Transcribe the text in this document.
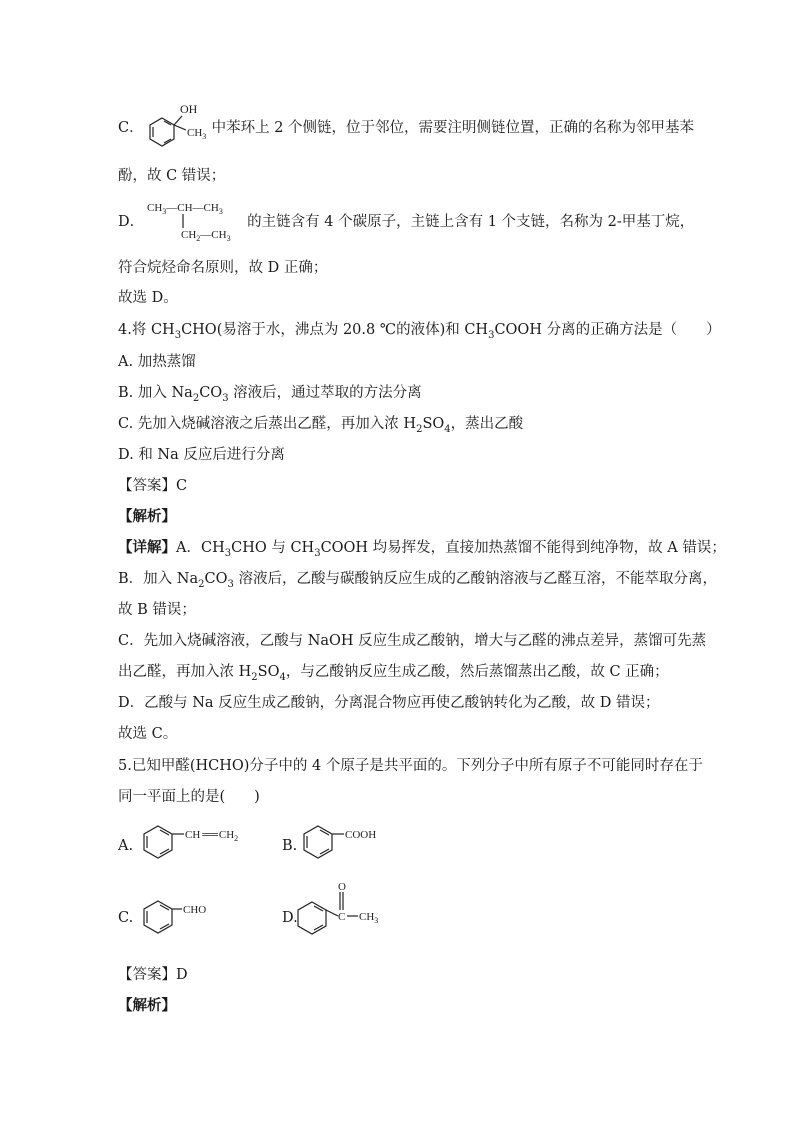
C．	中苯环上 2 个侧链，位于邻位，需要注明侧链位置，正确的名称为邻甲基苯
OH
$CH_3$
酚，故 C 错误；
D．	的主链含有 4 个碳原子，主链上含有 1 个支链，名称为 2-甲基丁烷，
$CH_3—CH—CH_3$
$CH_2—CH_3$
符合烷烃命名原则，故 D 正确；
故选 D。
4.将 $CH_3CHO$(易溶于水，沸点为 20.8 ℃的液体)和 $CH_3COOH$ 分离的正确方法是（　　）
A. 加热蒸馏
B. 加入 $Na_2CO_3$ 溶液后，通过萃取的方法分离
C. 先加入烧碱溶液之后蒸出乙醛，再加入浓 $H_2SO_4$，蒸出乙酸
D. 和 Na 反应后进行分离
【答案】C
【解析】
【详解】A．$CH_3CHO$ 与 $CH_3COOH$ 均易挥发，直接加热蒸馏不能得到纯净物，故 A 错误；
B．加入 $Na_2CO_3$ 溶液后，乙酸与碳酸钠反应生成的乙酸钠溶液与乙醛互溶，不能萃取分离，
故 B 错误；
C．先加入烧碱溶液，乙酸与 NaOH 反应生成乙酸钠，增大与乙醛的沸点差异，蒸馏可先蒸
出乙醛，再加入浓 $H_2SO_4$，与乙酸钠反应生成乙酸，然后蒸馏蒸出乙酸，故 C 正确；
D．乙酸与 Na 反应生成乙酸钠，分离混合物应再使乙酸钠转化为乙酸，故 D 错误；
故选 C。
5.已知甲醛(HCHO)分子中的 4 个原子是共平面的。下列分子中所有原子不可能同时存在于
同一平面上的是(　　)
A.
CH $══CH_2$	B.
COOH
C.	CHO	D.	C
O
$CH_3$
【答案】D
【解析】
